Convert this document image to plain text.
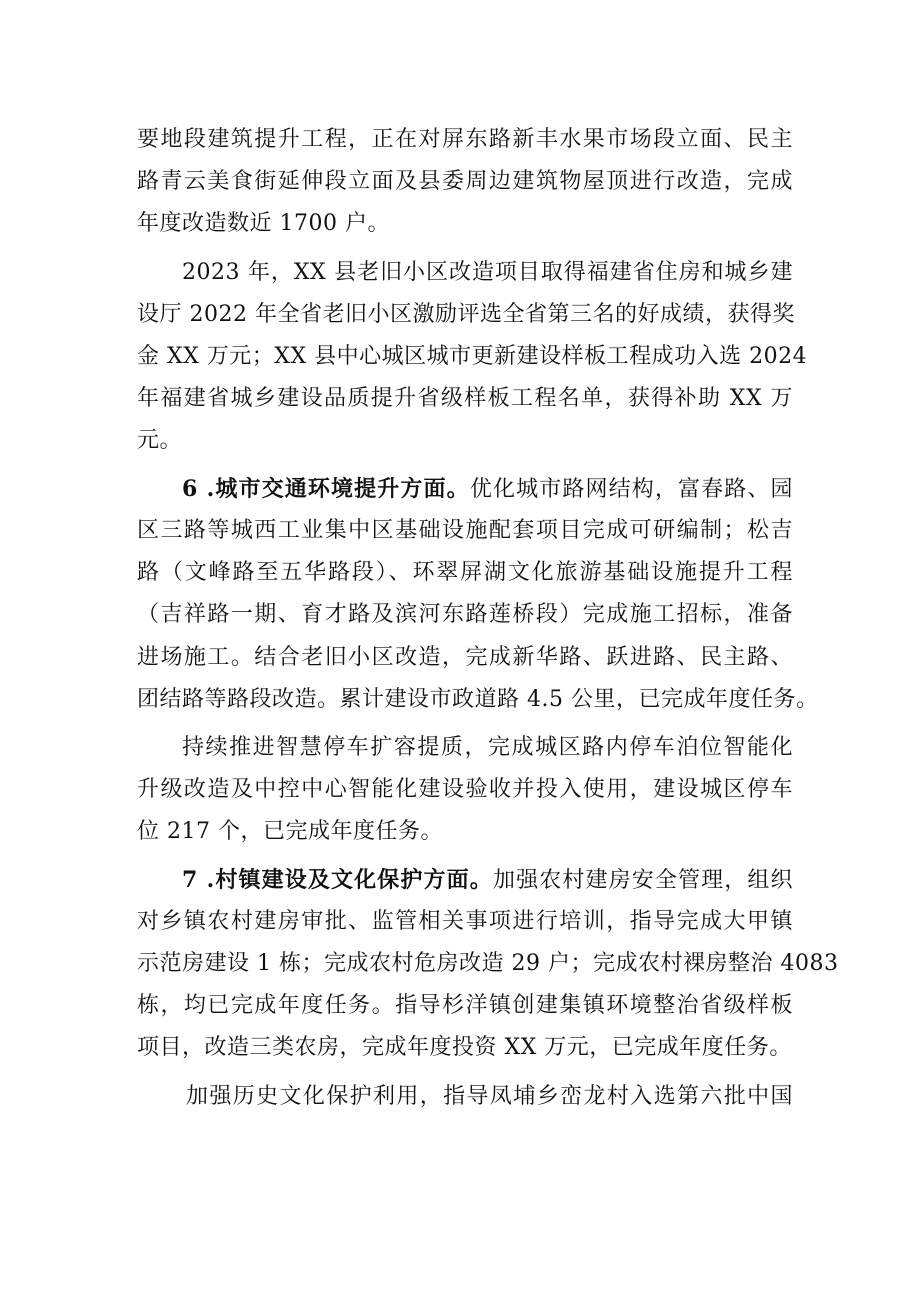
要地段建筑提升工程，正在对屏东路新丰水果市场段立面、民主
路青云美食街延伸段立面及县委周边建筑物屋顶进行改造，完成
年度改造数近 1700 户。
2023 年，XX 县老旧小区改造项目取得福建省住房和城乡建
设厅 2022 年全省老旧小区激励评选全省第三名的好成绩，获得奖
金 XX 万元；XX 县中心城区城市更新建设样板工程成功入选 2024
年福建省城乡建设品质提升省级样板工程名单，获得补助 XX 万
元。
6 .城市交通环境提升方面。优化城市路网结构，富春路、园
区三路等城西工业集中区基础设施配套项目完成可研编制；松吉
路（文峰路至五华路段）、环翠屏湖文化旅游基础设施提升工程
（吉祥路一期、育才路及滨河东路莲桥段）完成施工招标，准备
进场施工。结合老旧小区改造，完成新华路、跃进路、民主路、
团结路等路段改造。累计建设市政道路 4.5 公里，已完成年度任务。
持续推进智慧停车扩容提质，完成城区路内停车泊位智能化
升级改造及中控中心智能化建设验收并投入使用，建设城区停车
位 217 个，已完成年度任务。
7 .村镇建设及文化保护方面。加强农村建房安全管理，组织
对乡镇农村建房审批、监管相关事项进行培训，指导完成大甲镇
示范房建设 1 栋；完成农村危房改造 29 户；完成农村裸房整治 4083
栋，均已完成年度任务。指导杉洋镇创建集镇环境整治省级样板
项目，改造三类农房，完成年度投资 XX 万元，已完成年度任务。
加强历史文化保护利用，指导凤埔乡峦龙村入选第六批中国
